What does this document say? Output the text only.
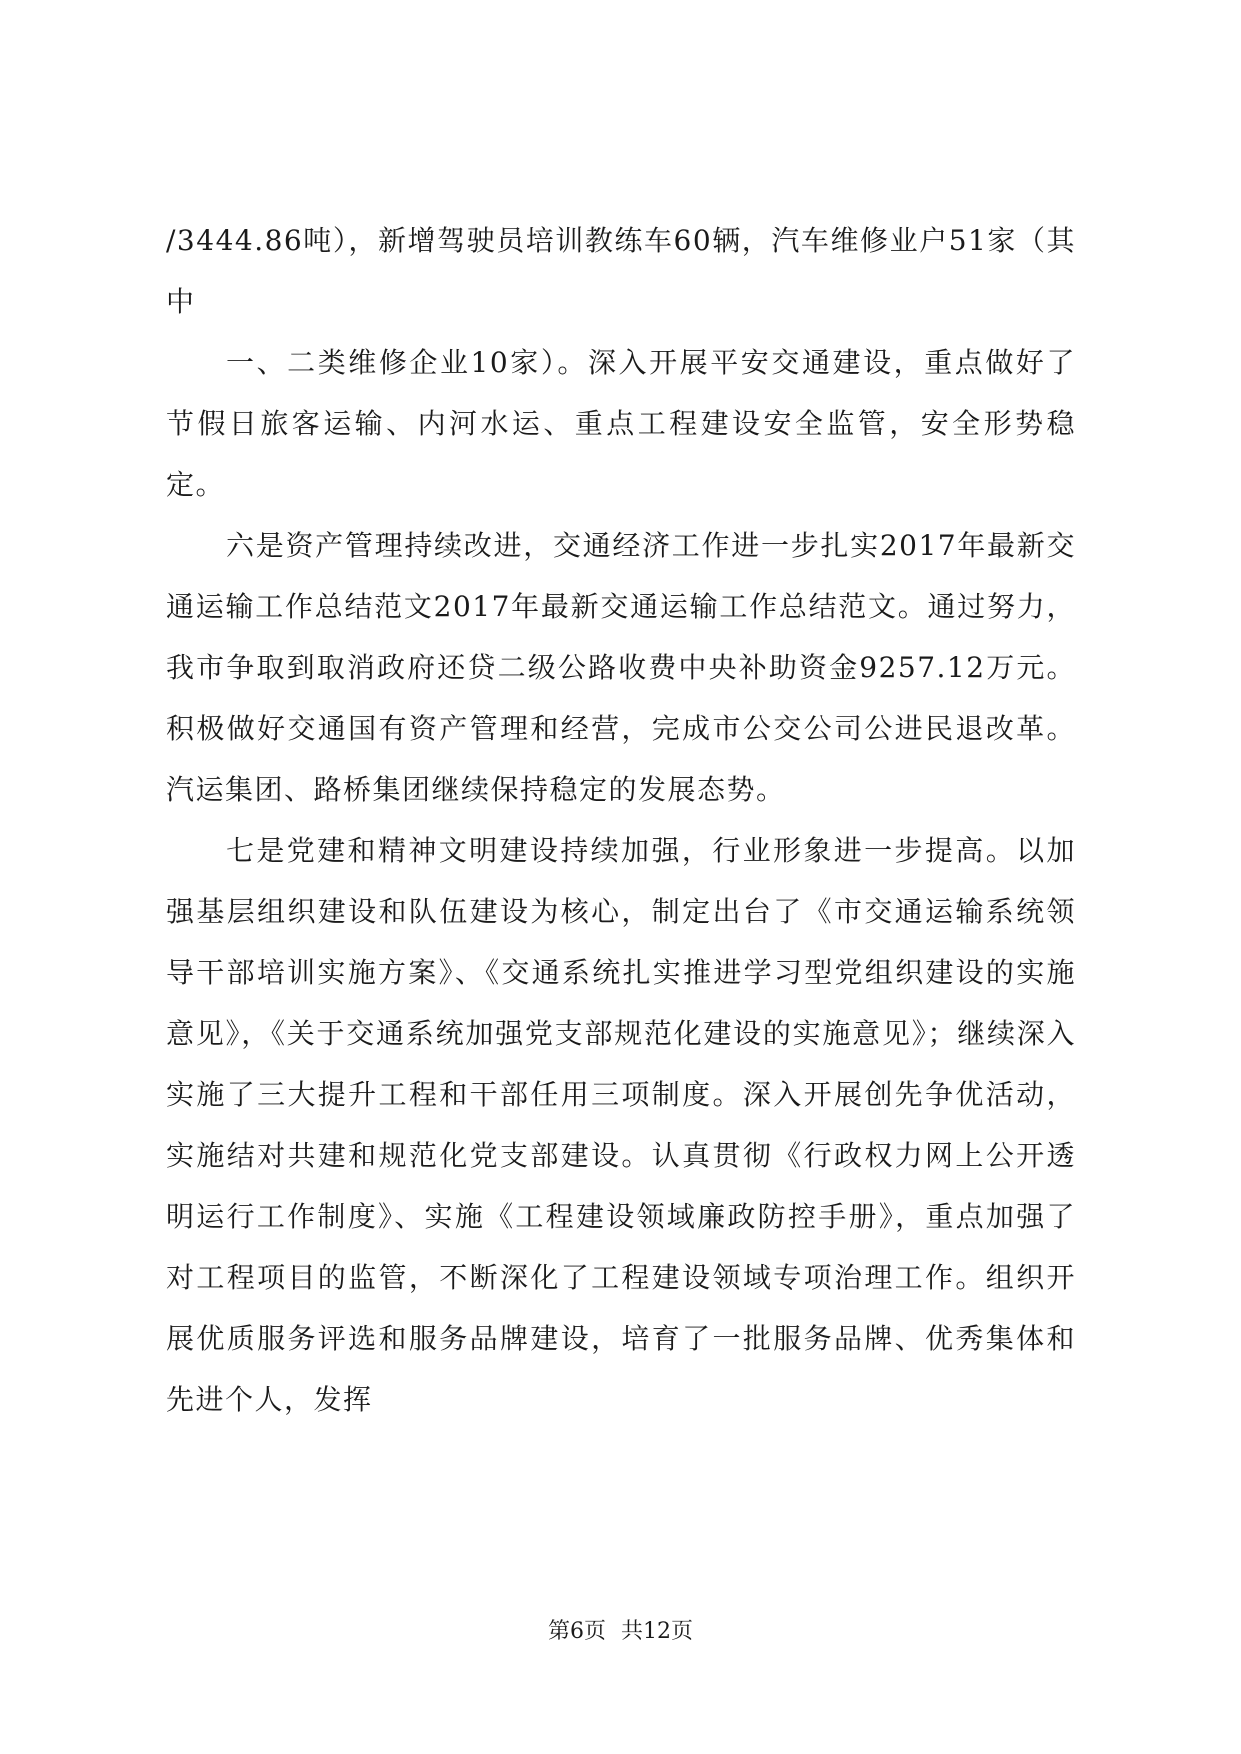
/3444.86吨），新增驾驶员培训教练车60辆，汽车维修业户51家（其中

一、二类维修企业10家）。深入开展平安交通建设，重点做好了节假日旅客运输、内河水运、重点工程建设安全监管，安全形势稳定。

六是资产管理持续改进，交通经济工作进一步扎实2017年最新交通运输工作总结范文2017年最新交通运输工作总结范文。通过努力，我市争取到取消政府还贷二级公路收费中央补助资金9257.12万元。积极做好交通国有资产管理和经营，完成市公交公司公进民退改革。汽运集团、路桥集团继续保持稳定的发展态势。

七是党建和精神文明建设持续加强，行业形象进一步提高。以加强基层组织建设和队伍建设为核心，制定出台了《市交通运输系统领导干部培训实施方案》、《交通系统扎实推进学习型党组织建设的实施意见》，《关于交通系统加强党支部规范化建设的实施意见》；继续深入实施了三大提升工程和干部任用三项制度。深入开展创先争优活动，实施结对共建和规范化党支部建设。认真贯彻《行政权力网上公开透明运行工作制度》、实施《工程建设领域廉政防控手册》，重点加强了对工程项目的监管，不断深化了工程建设领域专项治理工作。组织开展优质服务评选和服务品牌建设，培育了一批服务品牌、优秀集体和先进个人，发挥

第6页 共12页
